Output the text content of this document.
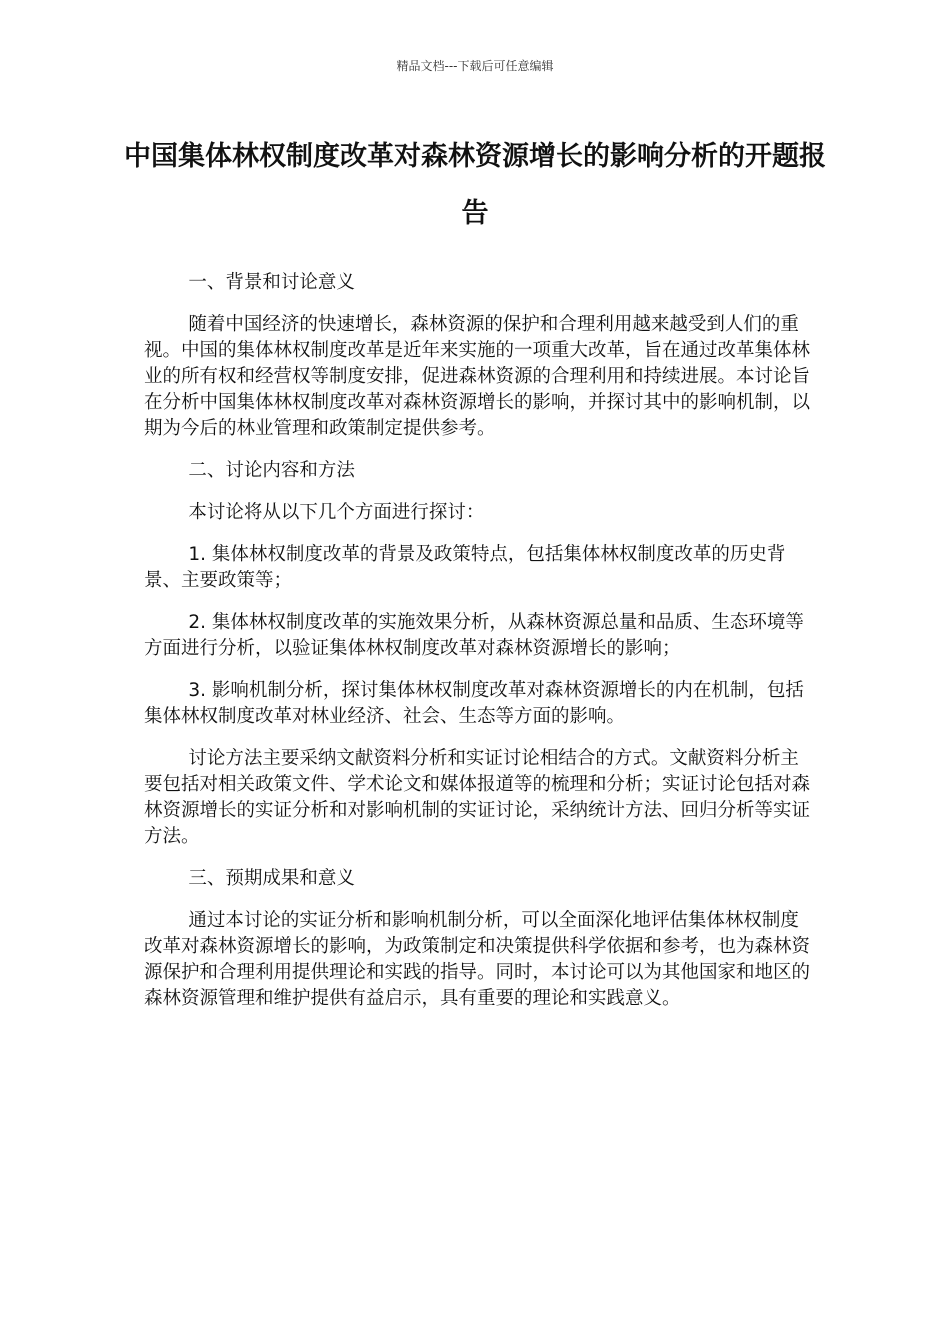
精品文档---下载后可任意编辑
中国集体林权制度改革对森林资源增长的影响分析的开题报告

一、背景和讨论意义

随着中国经济的快速增长，森林资源的保护和合理利用越来越受到人们的重视。中国的集体林权制度改革是近年来实施的一项重大改革，旨在通过改革集体林业的所有权和经营权等制度安排，促进森林资源的合理利用和持续进展。本讨论旨在分析中国集体林权制度改革对森林资源增长的影响，并探讨其中的影响机制，以期为今后的林业管理和政策制定提供参考。

二、讨论内容和方法

本讨论将从以下几个方面进行探讨：

1. 集体林权制度改革的背景及政策特点，包括集体林权制度改革的历史背景、主要政策等；

2. 集体林权制度改革的实施效果分析，从森林资源总量和品质、生态环境等方面进行分析，以验证集体林权制度改革对森林资源增长的影响；

3. 影响机制分析，探讨集体林权制度改革对森林资源增长的内在机制，包括集体林权制度改革对林业经济、社会、生态等方面的影响。

讨论方法主要采纳文献资料分析和实证讨论相结合的方式。文献资料分析主要包括对相关政策文件、学术论文和媒体报道等的梳理和分析；实证讨论包括对森林资源增长的实证分析和对影响机制的实证讨论，采纳统计方法、回归分析等实证方法。

三、预期成果和意义

通过本讨论的实证分析和影响机制分析，可以全面深化地评估集体林权制度改革对森林资源增长的影响，为政策制定和决策提供科学依据和参考，也为森林资源保护和合理利用提供理论和实践的指导。同时，本讨论可以为其他国家和地区的森林资源管理和维护提供有益启示，具有重要的理论和实践意义。
